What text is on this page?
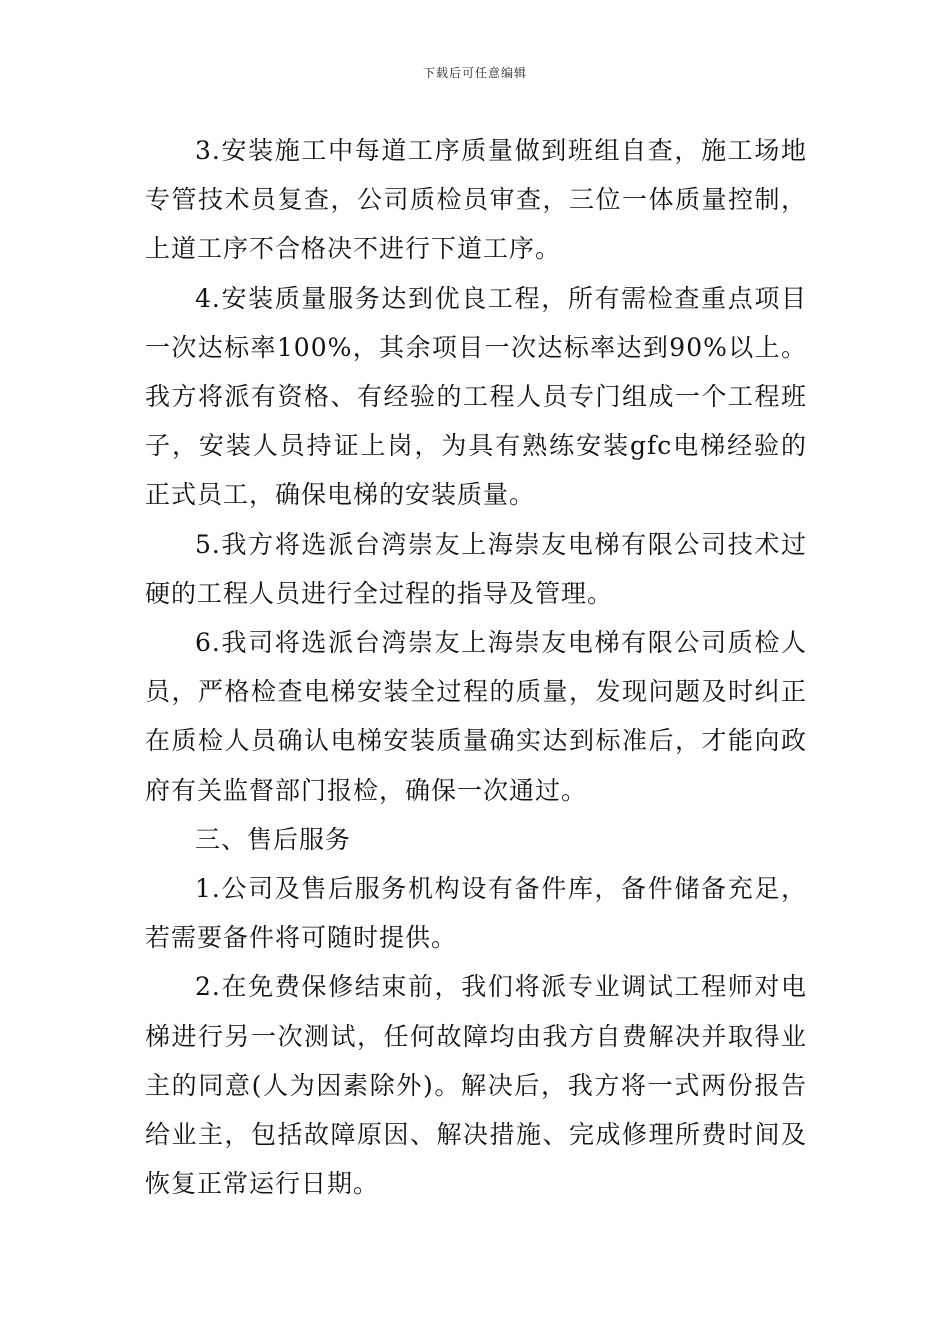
下载后可任意编辑

3.安装施工中每道工序质量做到班组自查，施工场地专管技术员复查，公司质检员审查，三位一体质量控制，上道工序不合格决不进行下道工序。

4.安装质量服务达到优良工程，所有需检查重点项目一次达标率100%，其余项目一次达标率达到90%以上。我方将派有资格、有经验的工程人员专门组成一个工程班子，安装人员持证上岗，为具有熟练安装gfc电梯经验的正式员工，确保电梯的安装质量。

5.我方将选派台湾崇友上海崇友电梯有限公司技术过硬的工程人员进行全过程的指导及管理。

6.我司将选派台湾崇友上海崇友电梯有限公司质检人员，严格检查电梯安装全过程的质量，发现问题及时纠正在质检人员确认电梯安装质量确实达到标准后，才能向政府有关监督部门报检，确保一次通过。

三、售后服务

1.公司及售后服务机构设有备件库，备件储备充足，若需要备件将可随时提供。

2.在免费保修结束前，我们将派专业调试工程师对电梯进行另一次测试，任何故障均由我方自费解决并取得业主的同意(人为因素除外)。解决后，我方将一式两份报告给业主，包括故障原因、解决措施、完成修理所费时间及恢复正常运行日期。
